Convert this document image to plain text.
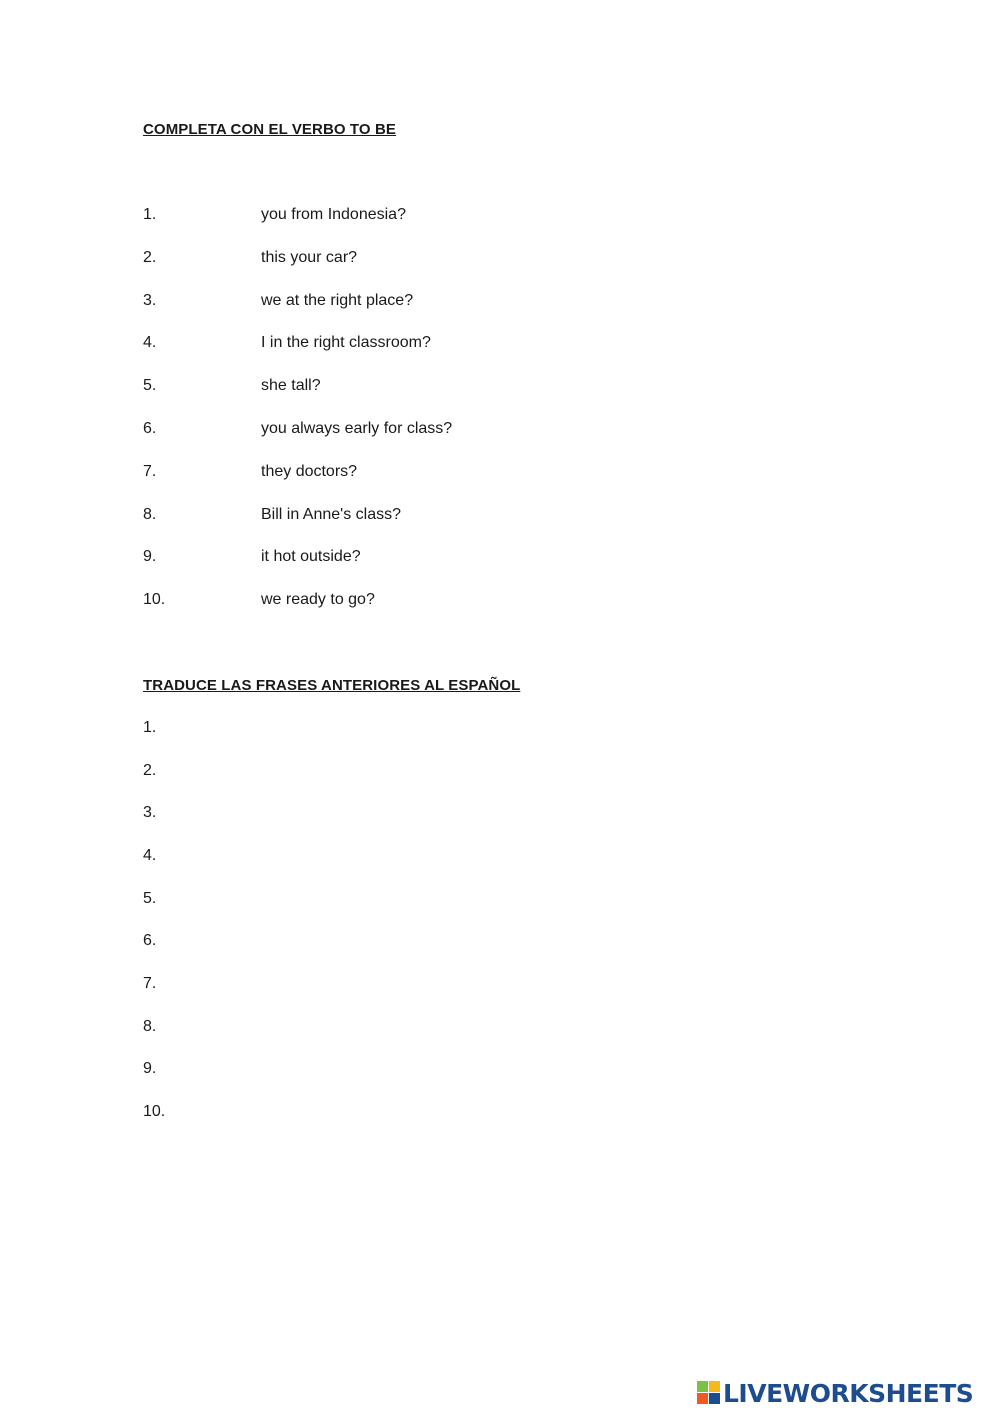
COMPLETA CON EL VERBO TO BE
1.	you from Indonesia?
2.	this your car?
3.	we at the right place?
4.	I in the right classroom?
5.	she tall?
6.	you always early for class?
7.	they doctors?
8.	Bill in Anne's class?
9.	it hot outside?
10.	we ready to go?
TRADUCE LAS FRASES ANTERIORES AL ESPAÑOL
1.
2.
3.
4.
5.
6.
7.
8.
9.
10.
LIVEWORKSHEETS
